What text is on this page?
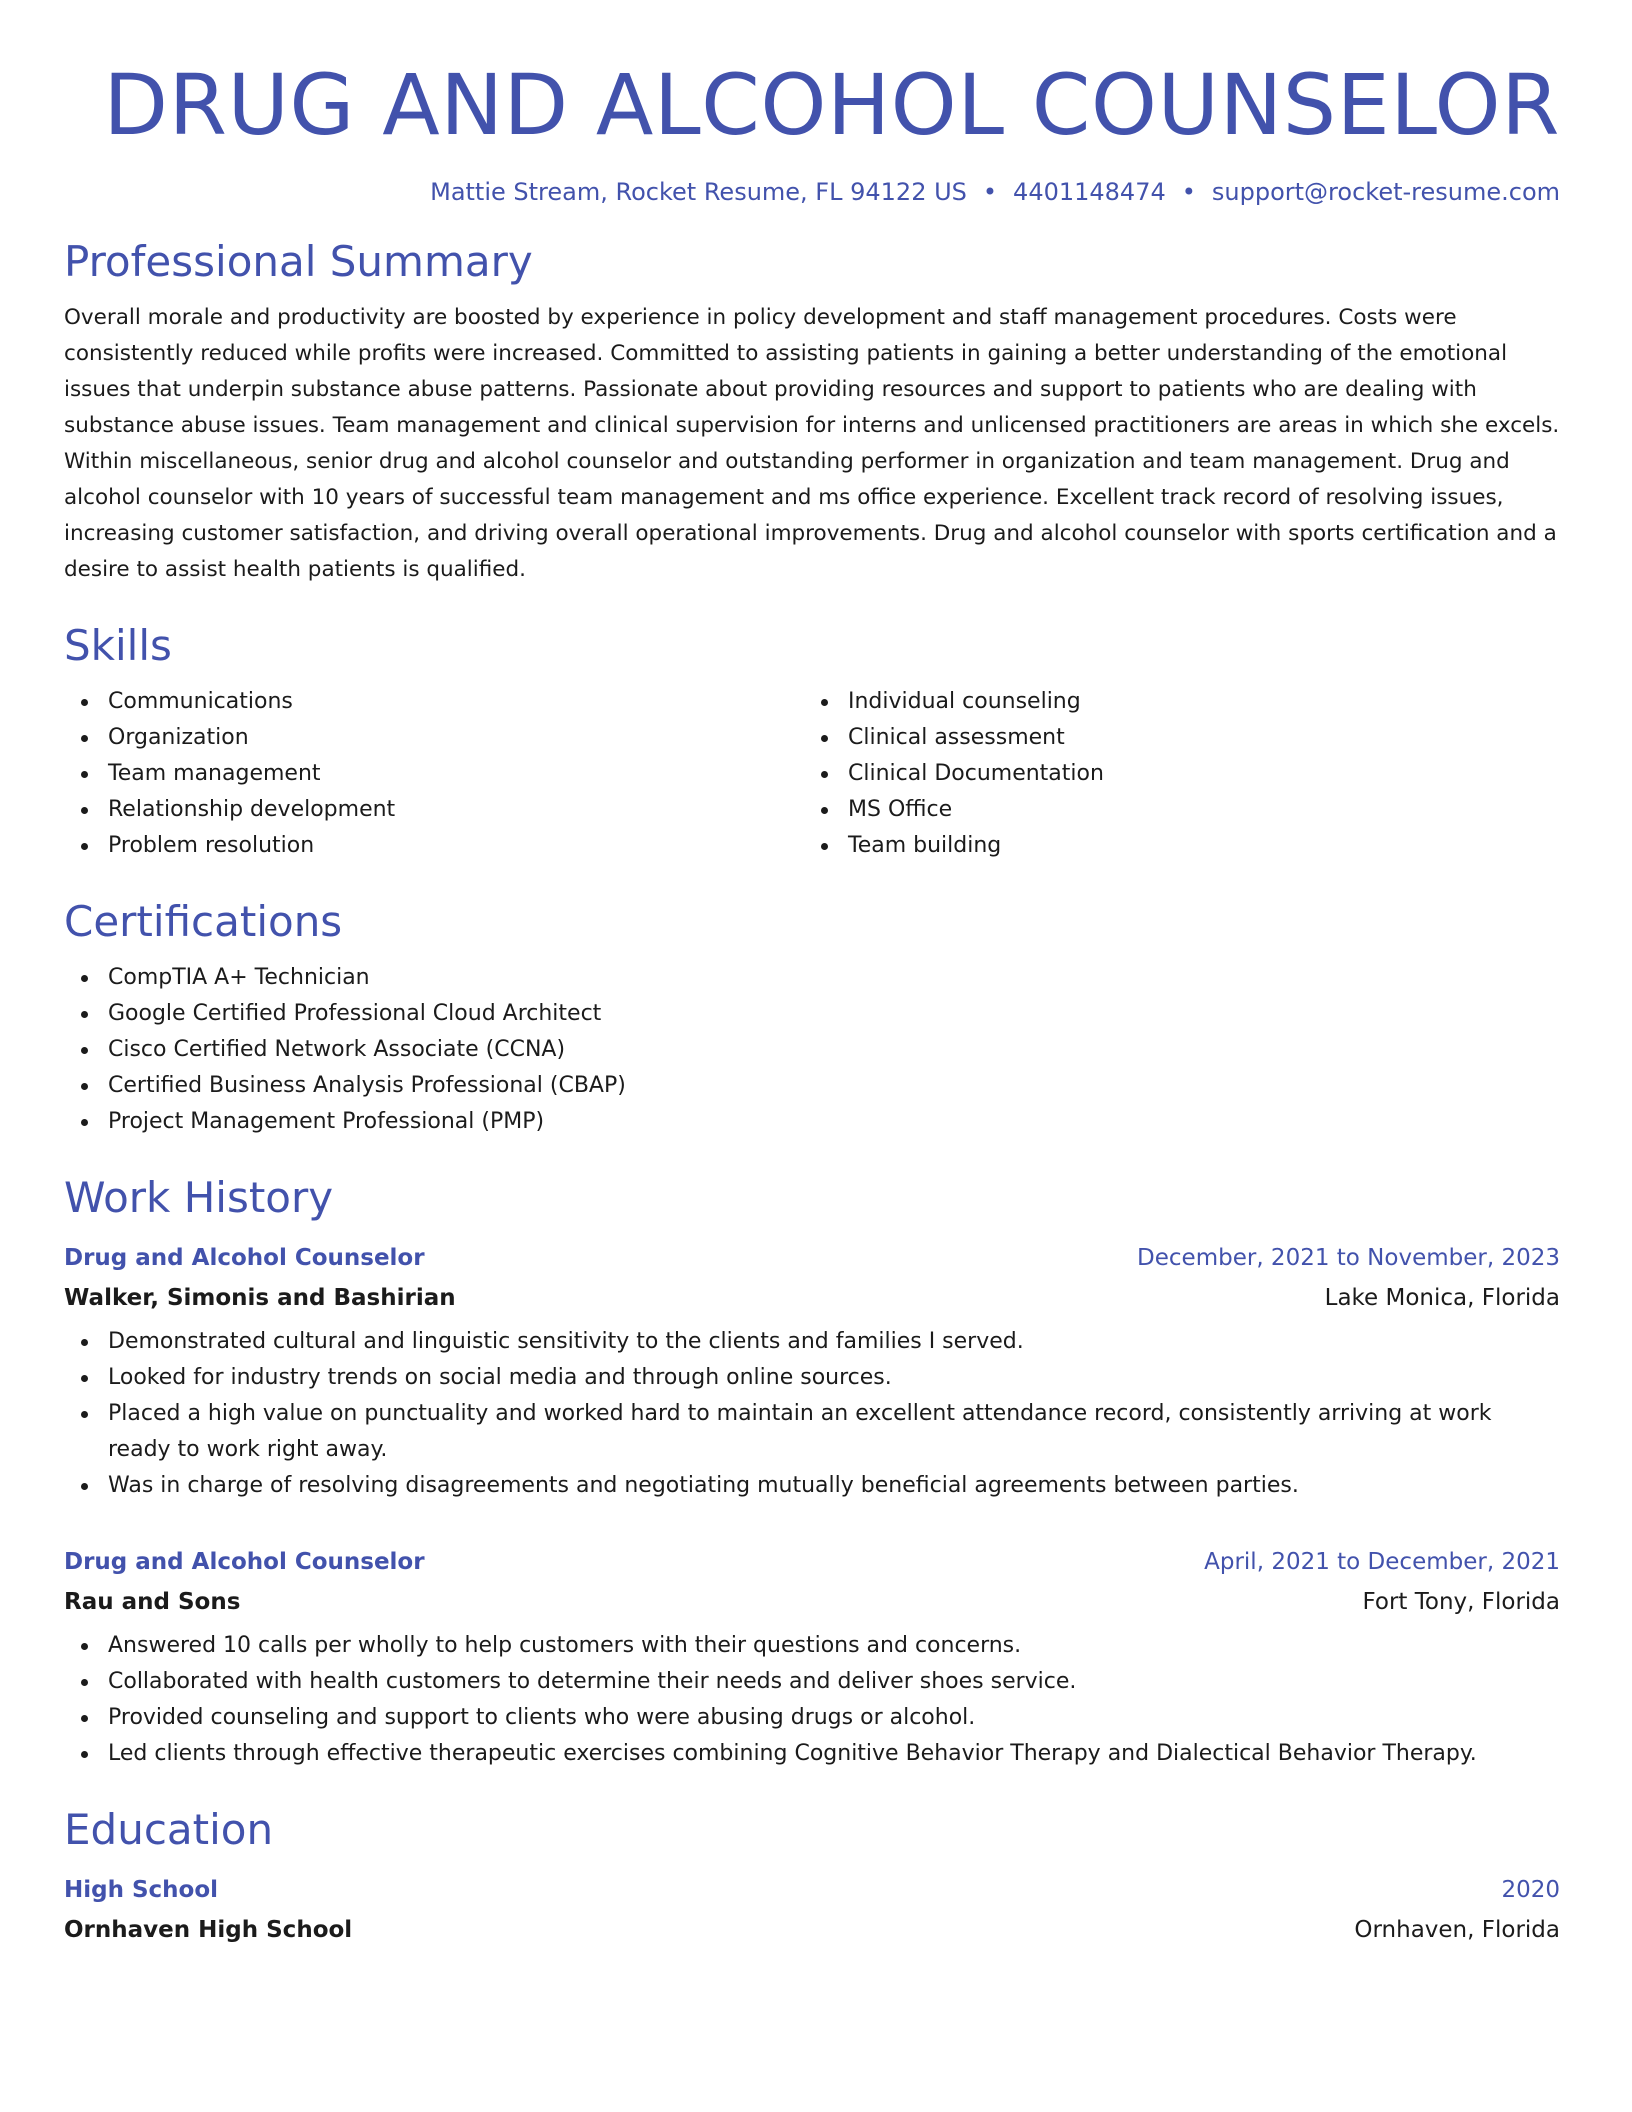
DRUG AND ALCOHOL COUNSELOR
Mattie Stream, Rocket Resume, FL 94122 US • 4401148474 • support@rocket-resume.com
Professional Summary
Overall morale and productivity are boosted by experience in policy development and staff management procedures. Costs were consistently reduced while profits were increased. Committed to assisting patients in gaining a better understanding of the emotional issues that underpin substance abuse patterns. Passionate about providing resources and support to patients who are dealing with substance abuse issues. Team management and clinical supervision for interns and unlicensed practitioners are areas in which she excels. Within miscellaneous, senior drug and alcohol counselor and outstanding performer in organization and team management. Drug and alcohol counselor with 10 years of successful team management and ms office experience. Excellent track record of resolving issues, increasing customer satisfaction, and driving overall operational improvements. Drug and alcohol counselor with sports certification and a desire to assist health patients is qualified.
Skills
Communications
Organization
Team management
Relationship development
Problem resolution
Individual counseling
Clinical assessment
Clinical Documentation
MS Office
Team building
Certifications
CompTIA A+ Technician
Google Certified Professional Cloud Architect
Cisco Certified Network Associate (CCNA)
Certified Business Analysis Professional (CBAP)
Project Management Professional (PMP)
Work History
Drug and Alcohol Counselor	December, 2021 to November, 2023
Walker, Simonis and Bashirian	Lake Monica, Florida
Demonstrated cultural and linguistic sensitivity to the clients and families I served.
Looked for industry trends on social media and through online sources.
Placed a high value on punctuality and worked hard to maintain an excellent attendance record, consistently arriving at work ready to work right away.
Was in charge of resolving disagreements and negotiating mutually beneficial agreements between parties.
Drug and Alcohol Counselor	April, 2021 to December, 2021
Rau and Sons	Fort Tony, Florida
Answered 10 calls per wholly to help customers with their questions and concerns.
Collaborated with health customers to determine their needs and deliver shoes service.
Provided counseling and support to clients who were abusing drugs or alcohol.
Led clients through effective therapeutic exercises combining Cognitive Behavior Therapy and Dialectical Behavior Therapy.
Education
High School	2020
Ornhaven High School	Ornhaven, Florida
